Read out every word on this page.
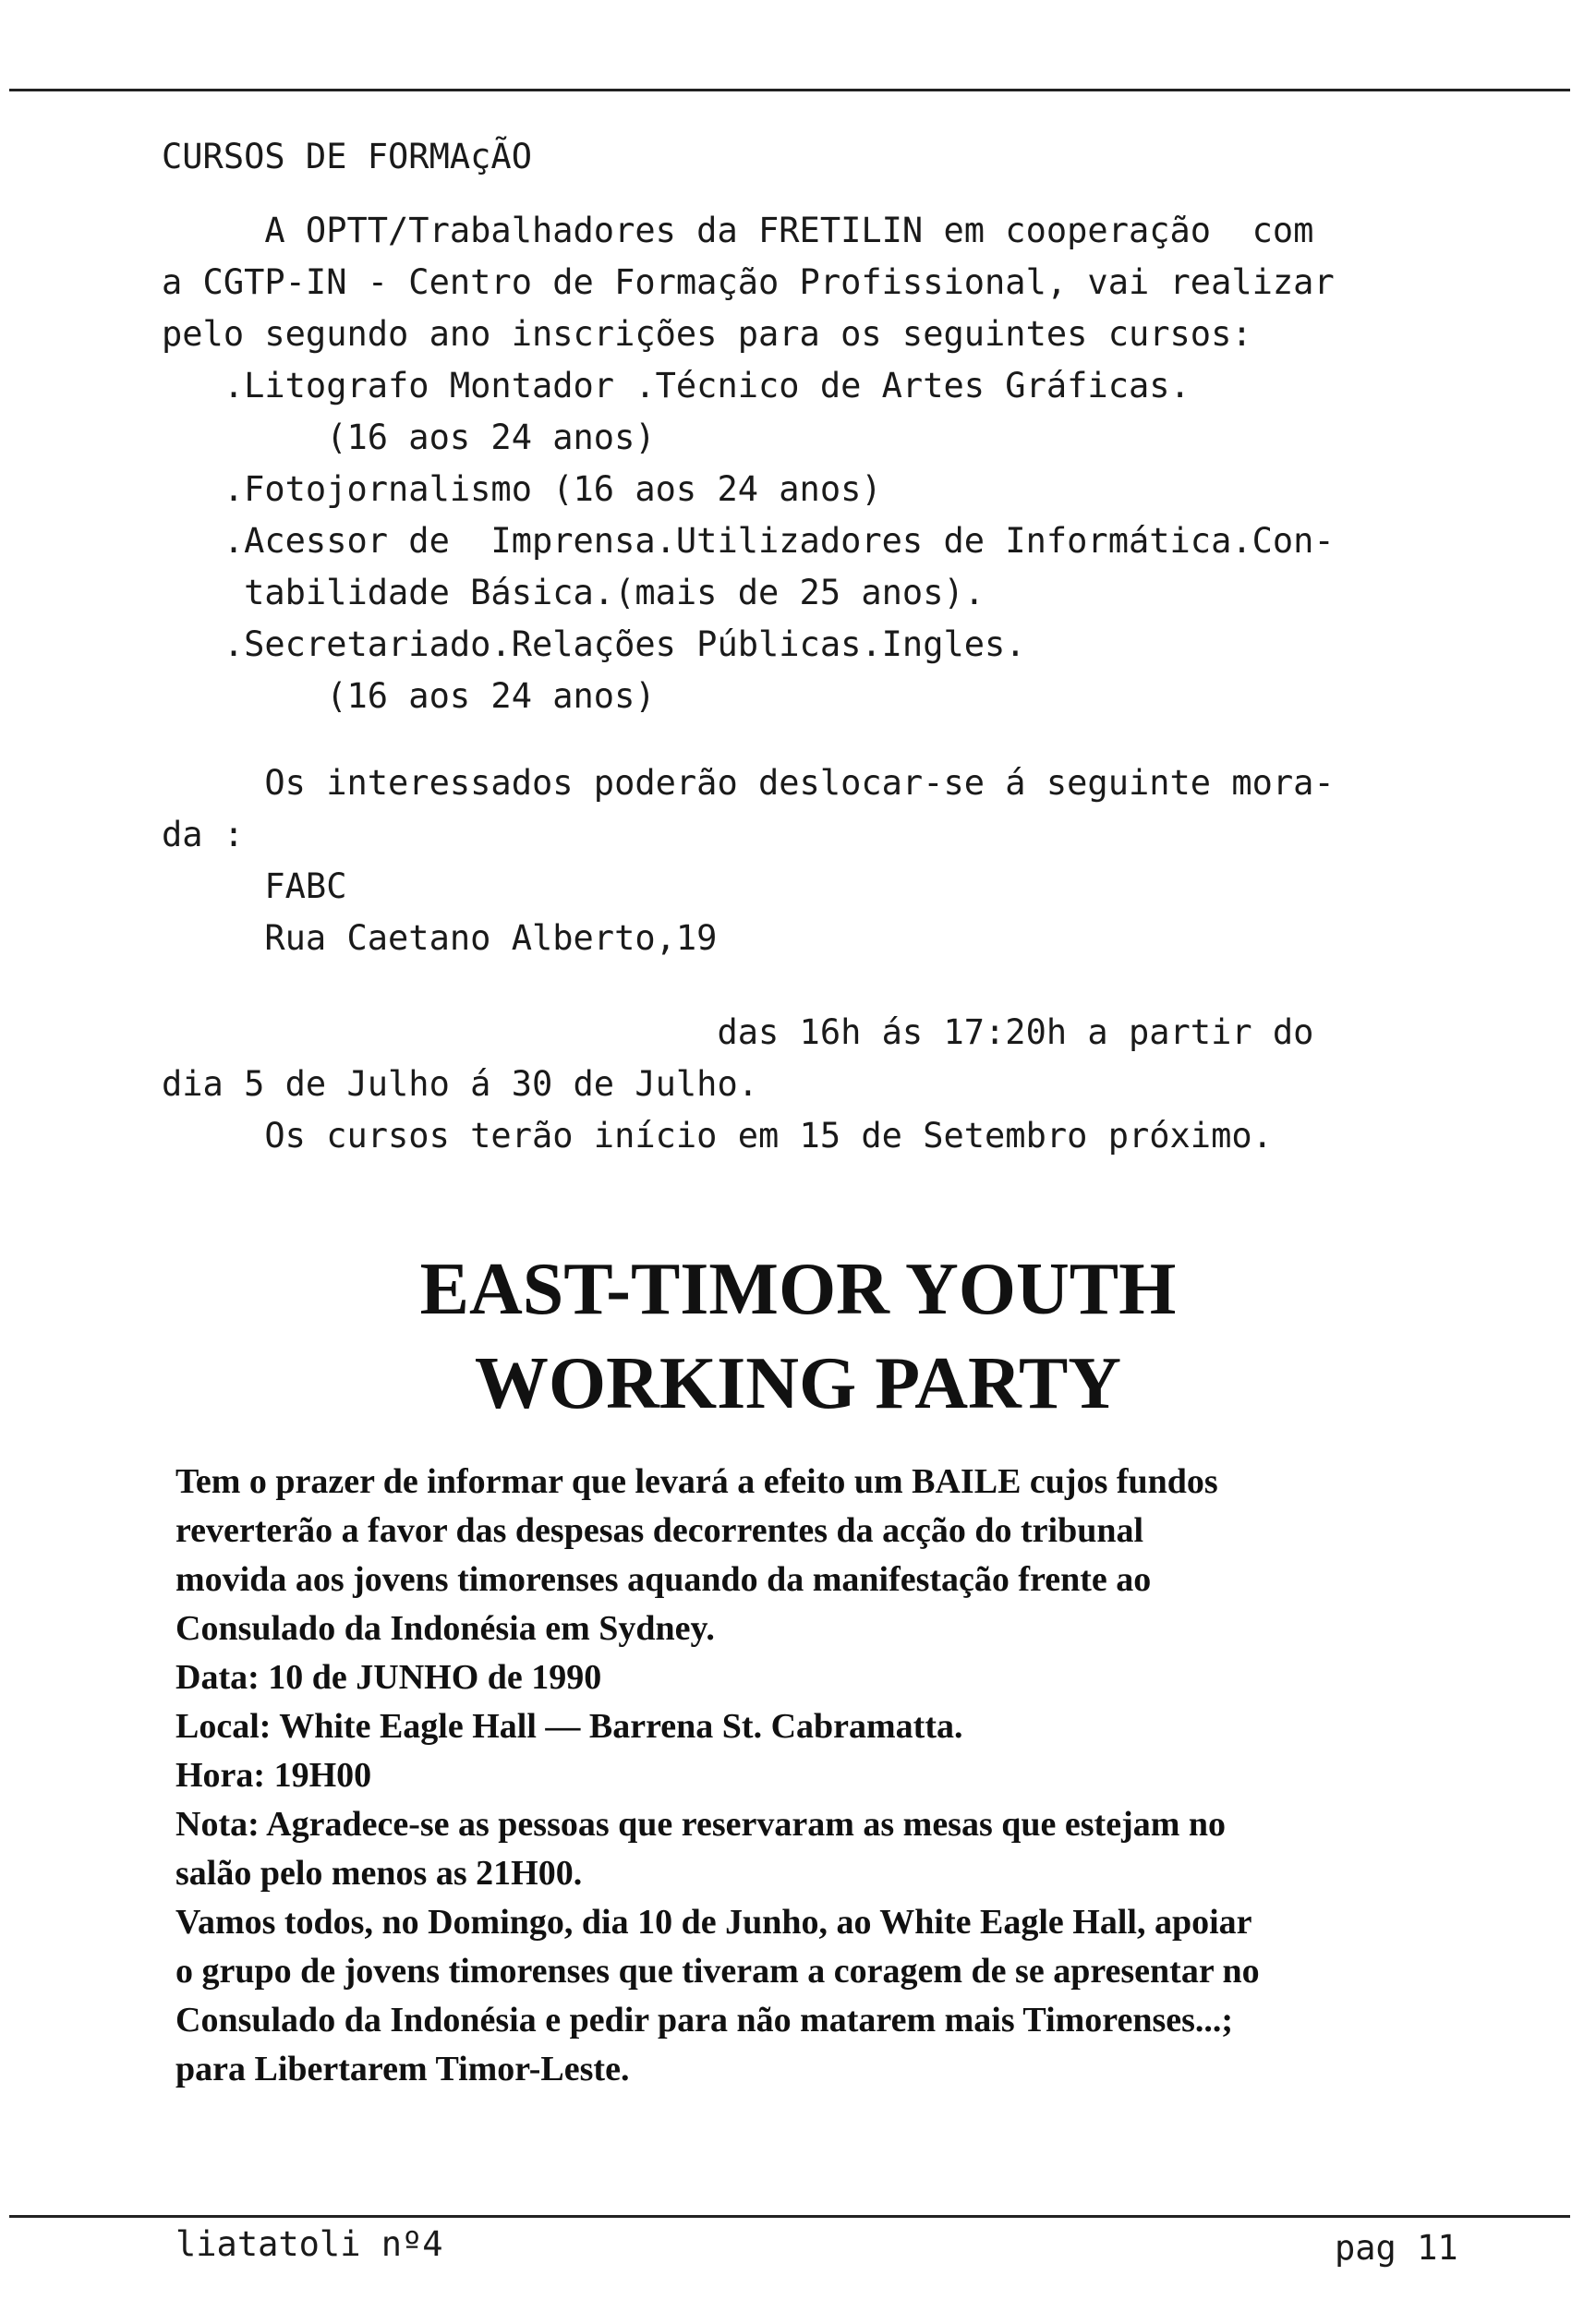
CURSOS DE FORMAçÃO
A OPTT/Trabalhadores da FRETILIN em cooperação  com
a CGTP-IN - Centro de Formação Profissional, vai realizar
pelo segundo ano inscrições para os seguintes cursos:
.Litografo Montador .Técnico de Artes Gráficas.
(16 aos 24 anos)
.Fotojornalismo (16 aos 24 anos)
.Acessor de  Imprensa.Utilizadores de Informática.Con-
tabilidade Básica.(mais de 25 anos).
.Secretariado.Relações Públicas.Ingles.
(16 aos 24 anos)
Os interessados poderão deslocar-se á seguinte mora-
da :
FABC
Rua Caetano Alberto,19
das 16h ás 17:20h a partir do
dia 5 de Julho á 30 de Julho.
Os cursos terão início em 15 de Setembro próximo.
EAST-TIMOR YOUTH
WORKING PARTY
Tem o prazer de informar que levará a efeito um BAILE cujos fundos
reverterão a favor das despesas decorrentes da acção do tribunal
movida aos jovens timorenses aquando da manifestação frente ao
Consulado da Indonésia em Sydney.
Data: 10 de JUNHO de 1990
Local: White Eagle Hall — Barrena St. Cabramatta.
Hora: 19H00
Nota: Agradece-se as pessoas que reservaram as mesas que estejam no
salão pelo menos as 21H00.
Vamos todos, no Domingo, dia 10 de Junho, ao White Eagle Hall, apoiar
o grupo de jovens timorenses que tiveram a coragem de se apresentar no
Consulado da Indonésia e pedir para não matarem mais Timorenses...;
para Libertarem Timor-Leste.
liatatoli nº4	pag 11
